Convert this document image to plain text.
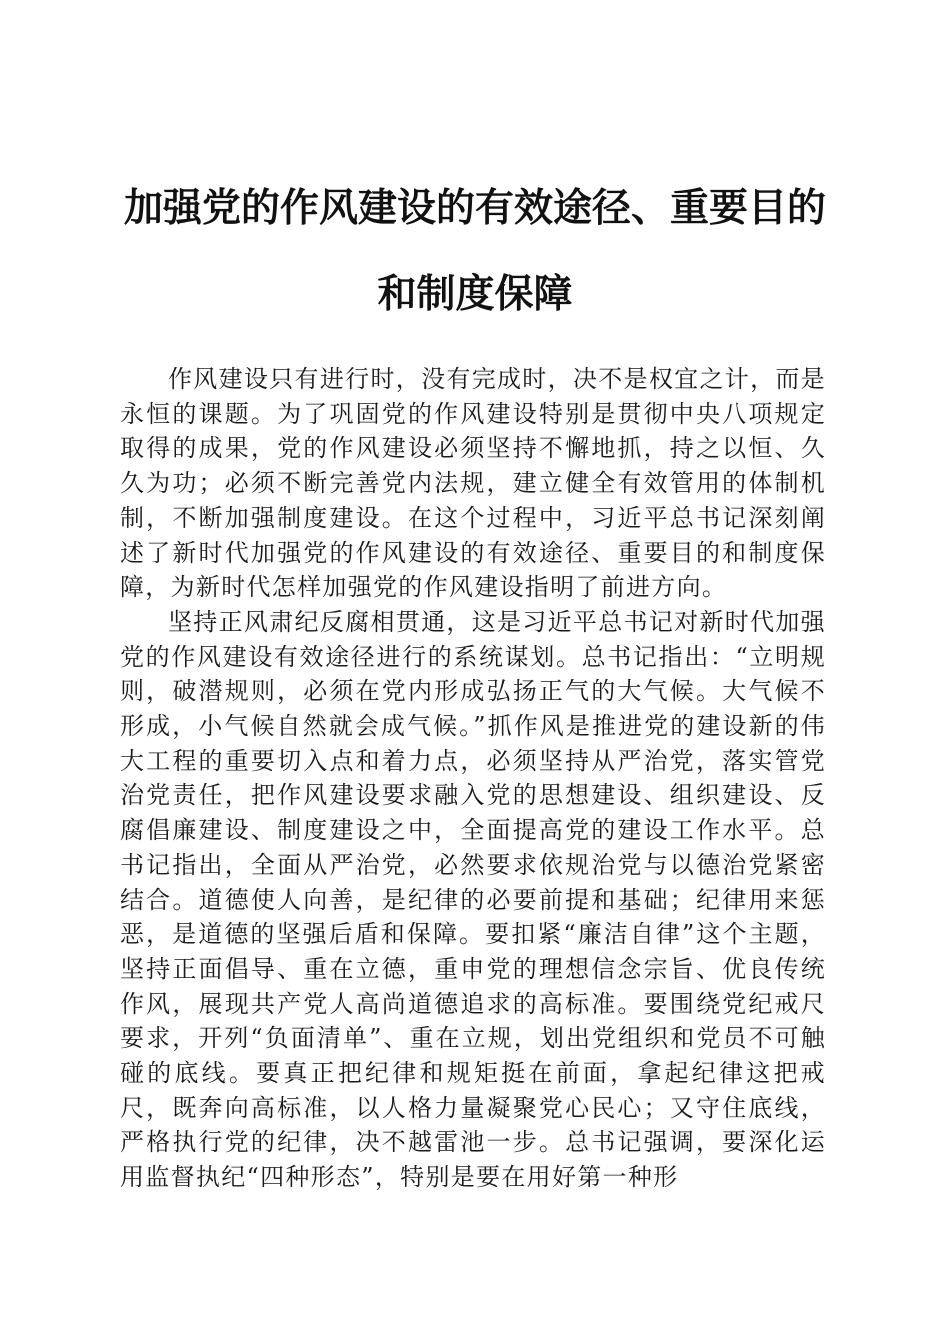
加强党的作风建设的有效途径、重要目的和制度保障

作风建设只有进行时，没有完成时，决不是权宜之计，而是永恒的课题。为了巩固党的作风建设特别是贯彻中央八项规定取得的成果，党的作风建设必须坚持不懈地抓，持之以恒、久久为功；必须不断完善党内法规，建立健全有效管用的体制机制，不断加强制度建设。在这个过程中，习近平总书记深刻阐述了新时代加强党的作风建设的有效途径、重要目的和制度保障，为新时代怎样加强党的作风建设指明了前进方向。

坚持正风肃纪反腐相贯通，这是习近平总书记对新时代加强党的作风建设有效途径进行的系统谋划。总书记指出：“立明规则，破潜规则，必须在党内形成弘扬正气的大气候。大气候不形成，小气候自然就会成气候。”抓作风是推进党的建设新的伟大工程的重要切入点和着力点，必须坚持从严治党，落实管党治党责任，把作风建设要求融入党的思想建设、组织建设、反腐倡廉建设、制度建设之中，全面提高党的建设工作水平。总书记指出，全面从严治党，必然要求依规治党与以德治党紧密结合。道德使人向善，是纪律的必要前提和基础；纪律用来惩恶，是道德的坚强后盾和保障。要扣紧“廉洁自律”这个主题，坚持正面倡导、重在立德，重申党的理想信念宗旨、优良传统作风，展现共产党人高尚道德追求的高标准。要围绕党纪戒尺要求，开列“负面清单”、重在立规，划出党组织和党员不可触碰的底线。要真正把纪律和规矩挺在前面，拿起纪律这把戒尺，既奔向高标准，以人格力量凝聚党心民心；又守住底线，严格执行党的纪律，决不越雷池一步。总书记强调，要深化运用监督执纪“四种形态”，特别是要在用好第一种形
